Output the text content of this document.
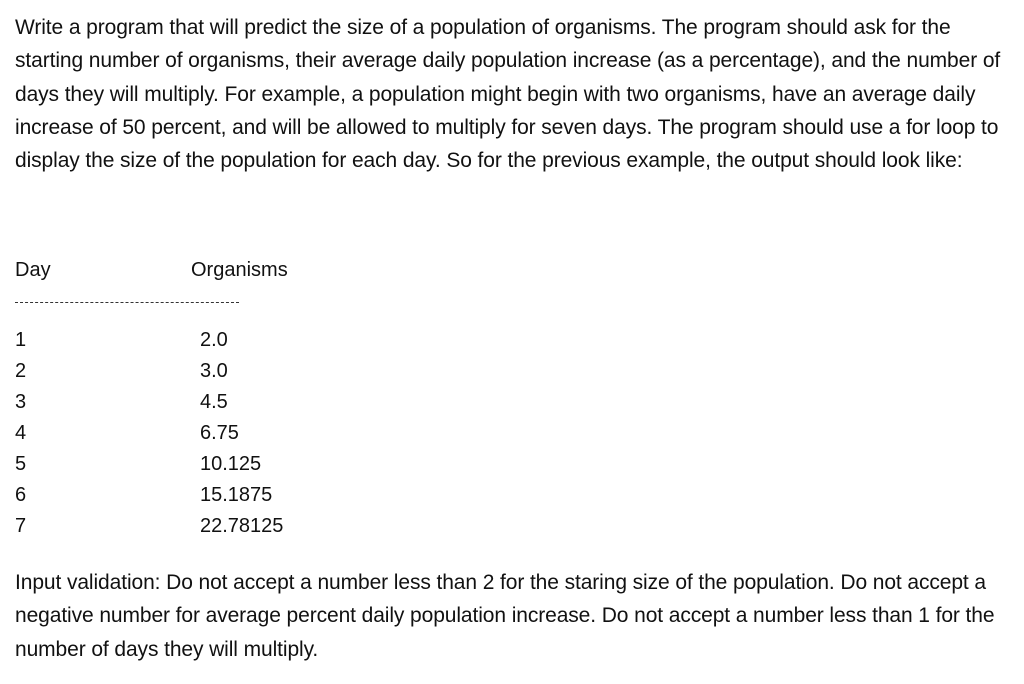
Write a program that will predict the size of a population of organisms. The program should ask for the starting number of organisms, their average daily population increase (as a percentage), and the number of days they will multiply. For example, a population might begin with two organisms, have an average daily increase of 50 percent, and will be allowed to multiply for seven days. The program should use a for loop to display the size of the population for each day. So for the previous example, the output should look like:

Day	Organisms
1	2.0
2	3.0
3	4.5
4	6.75
5	10.125
6	15.1875
7	22.78125

Input validation: Do not accept a number less than 2 for the staring size of the population. Do not accept a negative number for average percent daily population increase. Do not accept a number less than 1 for the number of days they will multiply.
